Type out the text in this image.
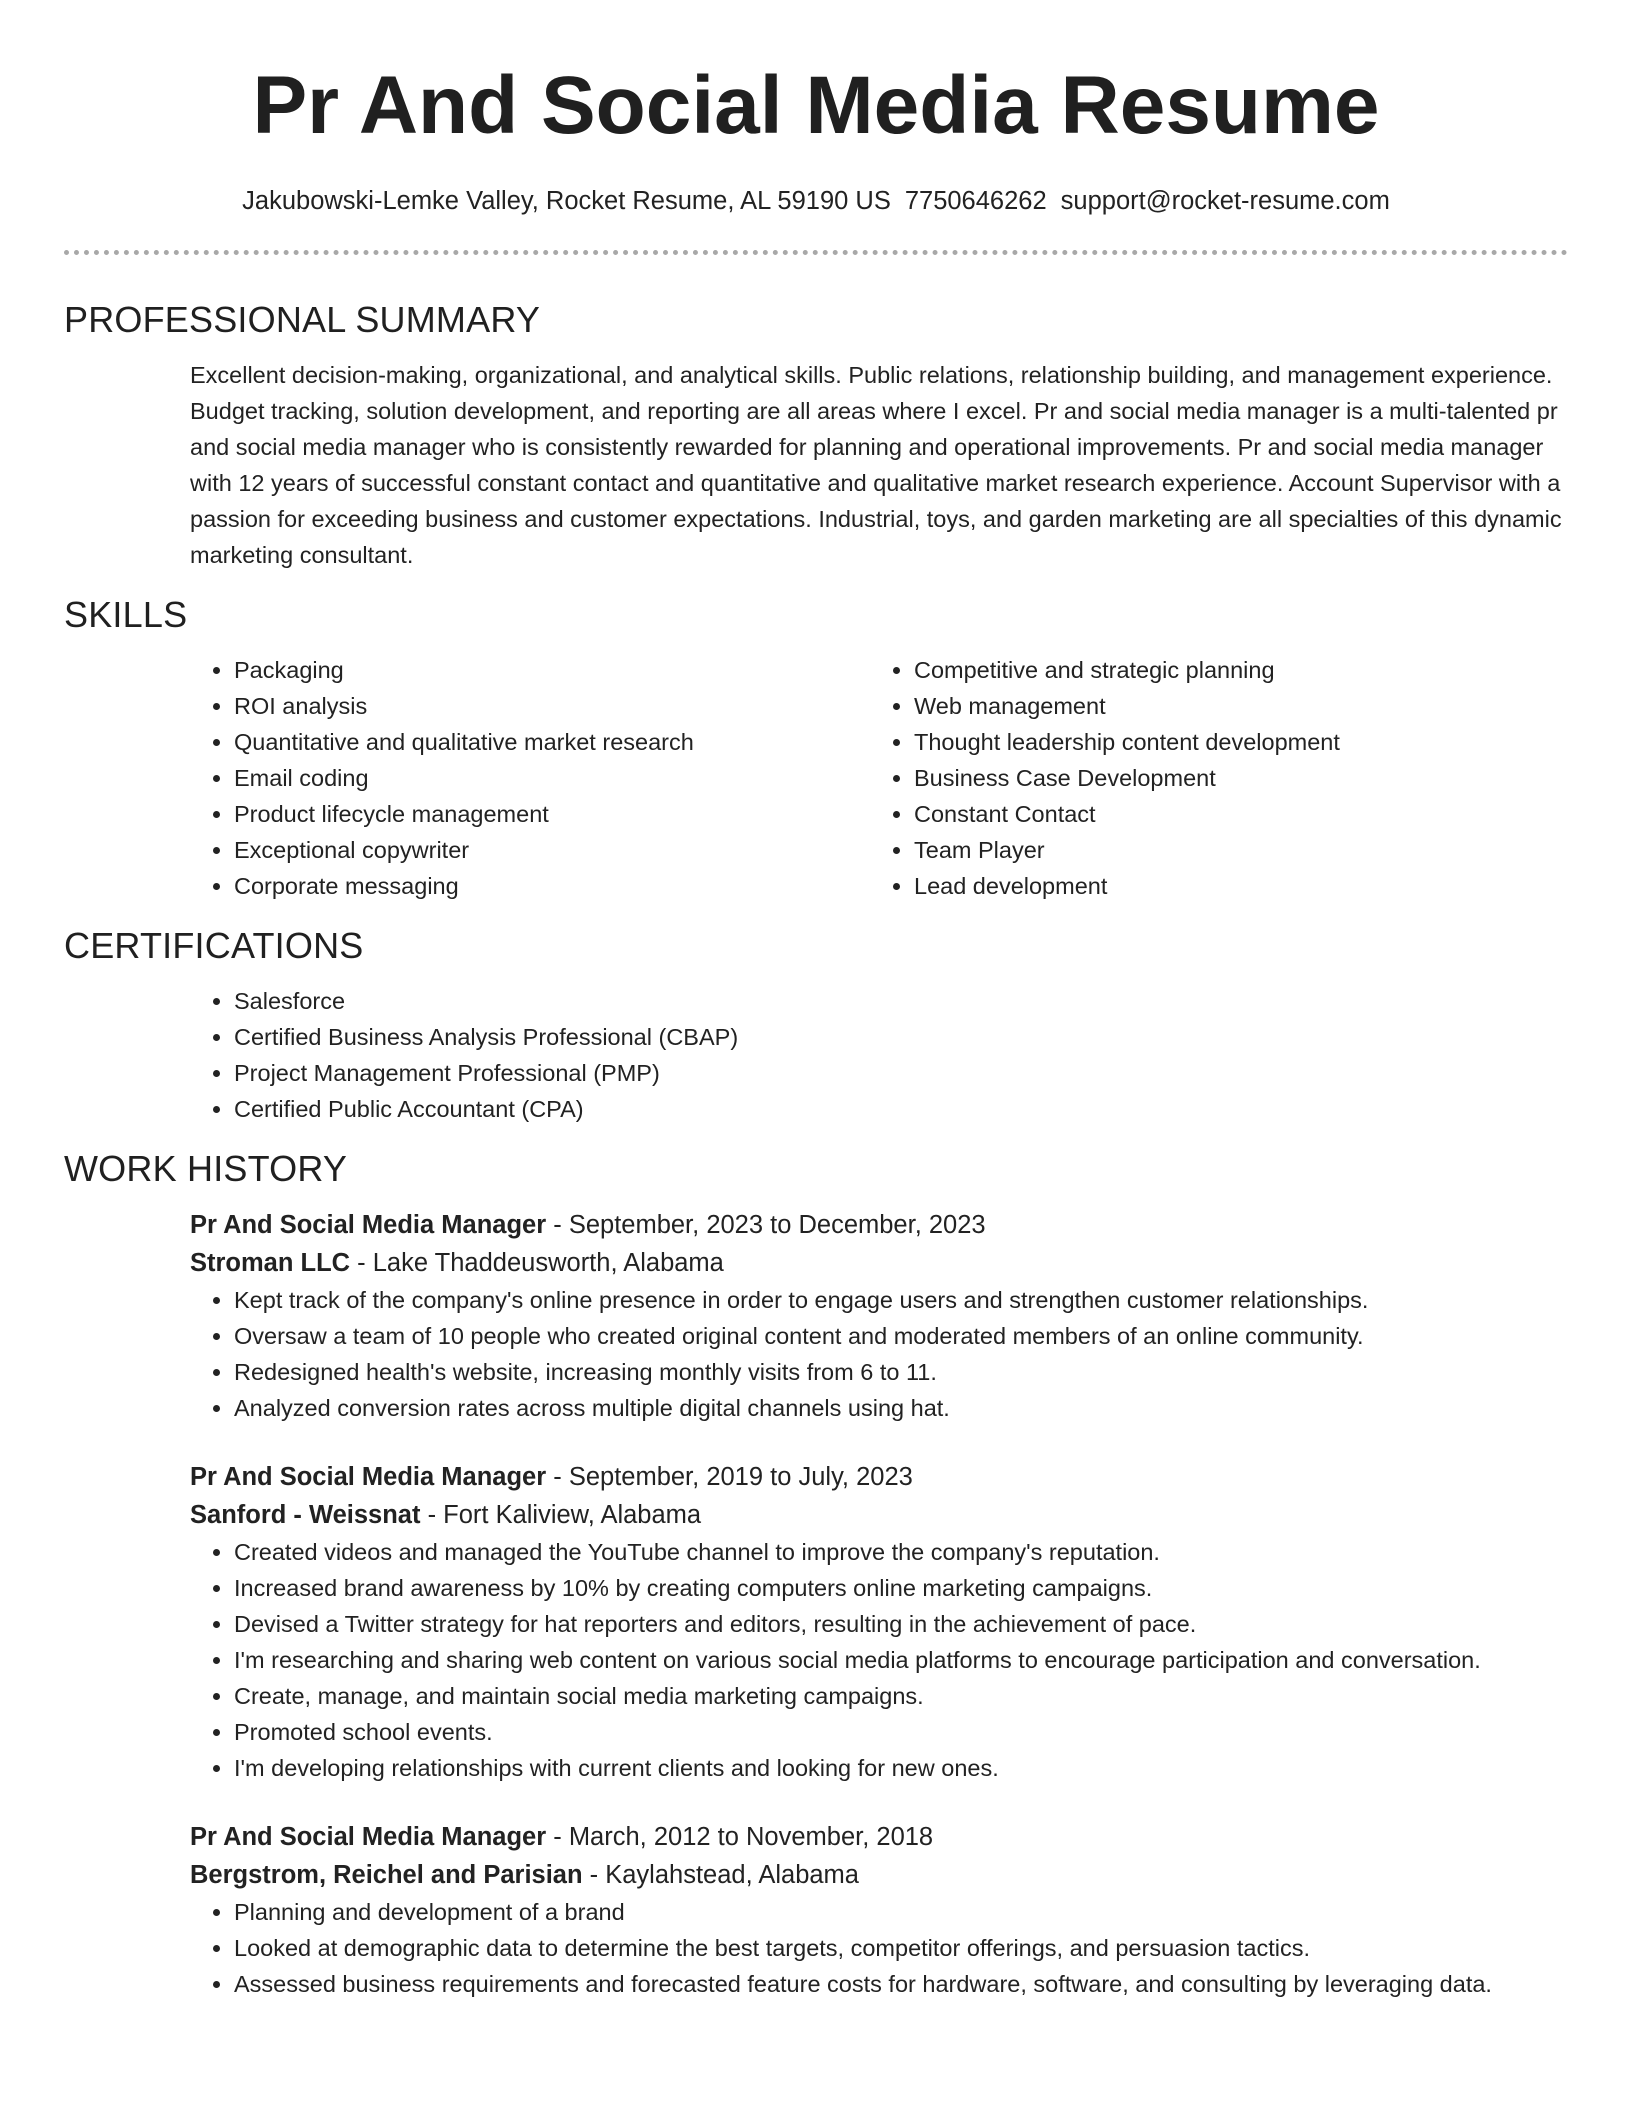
Pr And Social Media Resume
Jakubowski-Lemke Valley, Rocket Resume, AL 59190 US 7750646262 support@rocket-resume.com
PROFESSIONAL SUMMARY

Excellent decision-making, organizational, and analytical skills. Public relations, relationship building, and management experience. Budget tracking, solution development, and reporting are all areas where I excel. Pr and social media manager is a multi-talented pr and social media manager who is consistently rewarded for planning and operational improvements. Pr and social media manager with 12 years of successful constant contact and quantitative and qualitative market research experience. Account Supervisor with a passion for exceeding business and customer expectations. Industrial, toys, and garden marketing are all specialties of this dynamic marketing consultant.

SKILLS
• Packaging
• ROI analysis
• Quantitative and qualitative market research
• Email coding
• Product lifecycle management
• Exceptional copywriter
• Corporate messaging
• Competitive and strategic planning
• Web management
• Thought leadership content development
• Business Case Development
• Constant Contact
• Team Player
• Lead development
CERTIFICATIONS
• Salesforce
• Certified Business Analysis Professional (CBAP)
• Project Management Professional (PMP)
• Certified Public Accountant (CPA)
WORK HISTORY
Pr And Social Media Manager - September, 2023 to December, 2023
Stroman LLC - Lake Thaddeusworth, Alabama
• Kept track of the company's online presence in order to engage users and strengthen customer relationships.
• Oversaw a team of 10 people who created original content and moderated members of an online community.
• Redesigned health's website, increasing monthly visits from 6 to 11.
• Analyzed conversion rates across multiple digital channels using hat.
Pr And Social Media Manager - September, 2019 to July, 2023
Sanford - Weissnat - Fort Kaliview, Alabama
• Created videos and managed the YouTube channel to improve the company's reputation.
• Increased brand awareness by 10% by creating computers online marketing campaigns.
• Devised a Twitter strategy for hat reporters and editors, resulting in the achievement of pace.
• I'm researching and sharing web content on various social media platforms to encourage participation and conversation.
• Create, manage, and maintain social media marketing campaigns.
• Promoted school events.
• I'm developing relationships with current clients and looking for new ones.
Pr And Social Media Manager - March, 2012 to November, 2018
Bergstrom, Reichel and Parisian - Kaylahstead, Alabama
• Planning and development of a brand
• Looked at demographic data to determine the best targets, competitor offerings, and persuasion tactics.
• Assessed business requirements and forecasted feature costs for hardware, software, and consulting by leveraging data.
